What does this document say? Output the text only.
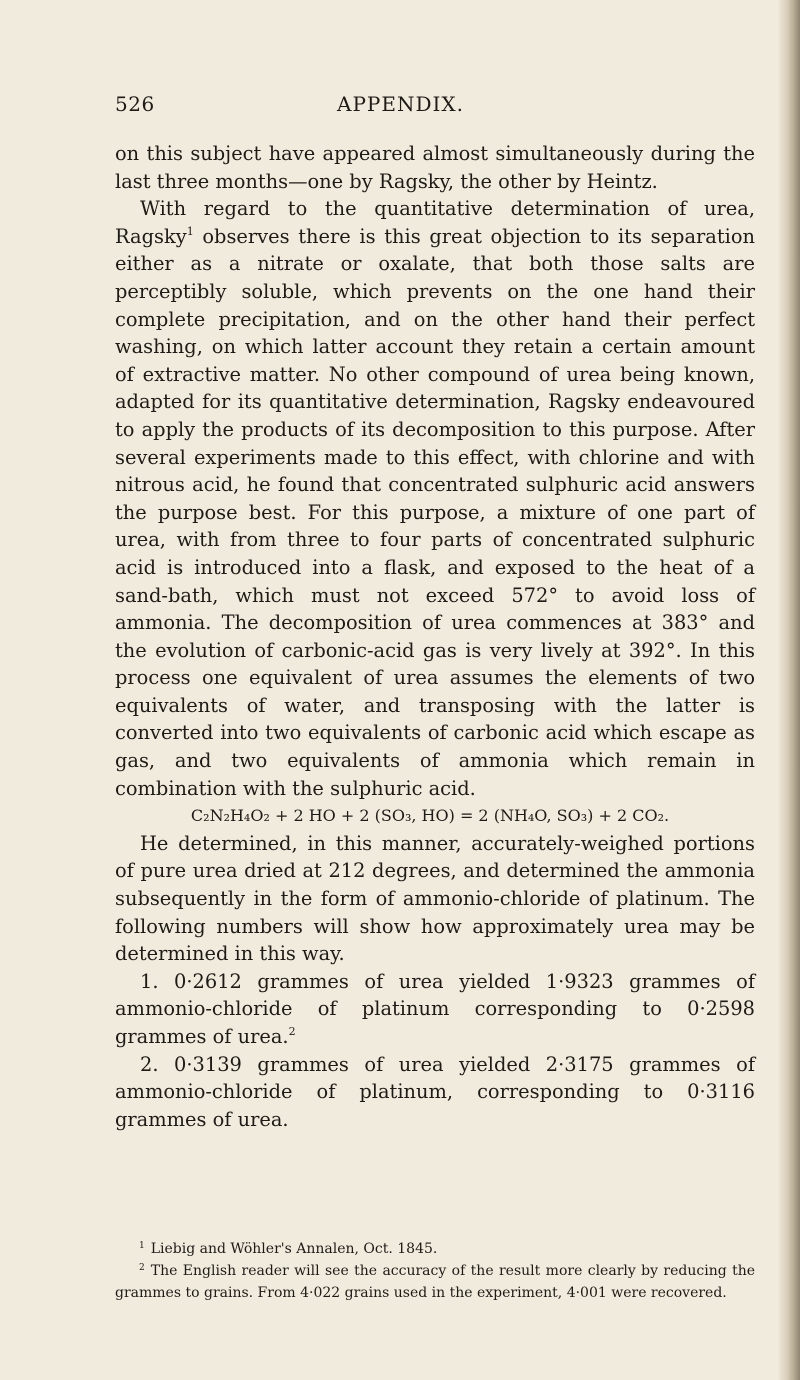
526	APPENDIX.

on this subject have appeared almost simultaneously during the last three months—one by Ragsky, the other by Heintz.

With regard to the quantitative determination of urea, Ragsky$^1$ observes there is this great objection to its separation either as a nitrate or oxalate, that both those salts are perceptibly soluble, which prevents on the one hand their complete precipitation, and on the other hand their perfect washing, on which latter account they retain a certain amount of extractive matter. No other compound of urea being known, adapted for its quantitative determination, Ragsky endeavoured to apply the products of its decomposition to this purpose. After several experiments made to this effect, with chlorine and with nitrous acid, he found that concentrated sulphuric acid answers the purpose best. For this purpose, a mixture of one part of urea, with from three to four parts of concentrated sulphuric acid is introduced into a flask, and exposed to the heat of a sand-bath, which must not exceed 572° to avoid loss of ammonia. The decomposition of urea commences at 383° and the evolution of carbonic-acid gas is very lively at 392°. In this process one equivalent of urea assumes the elements of two equivalents of water, and transposing with the latter is converted into two equivalents of carbonic acid which escape as gas, and two equivalents of ammonia which remain in combination with the sulphuric acid.

C₂N₂H₄O₂ + 2 HO + 2 (SO₃, HO) = 2 (NH₄O, SO₃) + 2 CO₂.

He determined, in this manner, accurately-weighed portions of pure urea dried at 212 degrees, and determined the ammonia subsequently in the form of ammonio-chloride of platinum. The following numbers will show how approximately urea may be determined in this way.

1. 0·2612 grammes of urea yielded 1·9323 grammes of ammonio-chloride of platinum corresponding to 0·2598 grammes of urea.$^2$

2. 0·3139 grammes of urea yielded 2·3175 grammes of ammonio-chloride of platinum, corresponding to 0·3116 grammes of urea.

$^1$ Liebig and Wöhler's Annalen, Oct. 1845.

$^2$ The English reader will see the accuracy of the result more clearly by reducing the grammes to grains. From 4·022 grains used in the experiment, 4·001 were recovered.
